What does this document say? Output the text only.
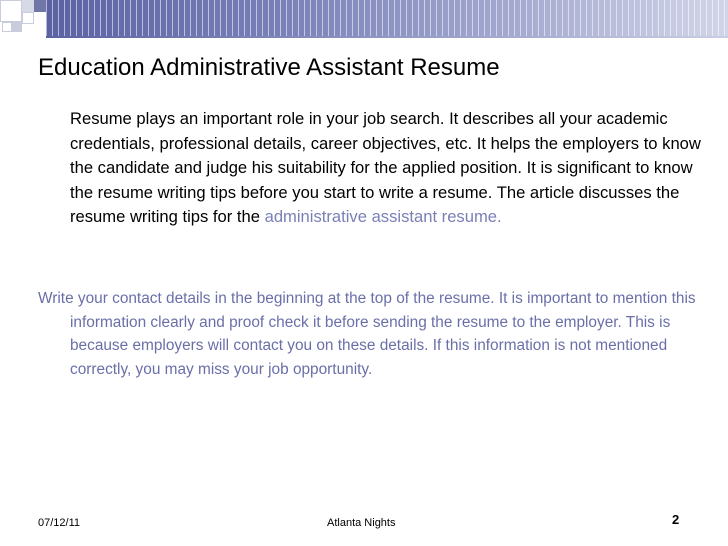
Education Administrative Assistant Resume
Resume plays an important role in your job search. It describes all your academic credentials, professional details, career objectives, etc. It helps the employers to know the candidate and judge his suitability for the applied position. It is significant to know the resume writing tips before you start to write a resume. The article discusses the resume writing tips for the administrative assistant resume.
Write your contact details in the beginning at the top of the resume. It is important to mention this information clearly and proof check it before sending the resume to the employer. This is because employers will contact you on these details. If this information is not mentioned correctly, you may miss your job opportunity.
07/12/11	Atlanta Nights	2
